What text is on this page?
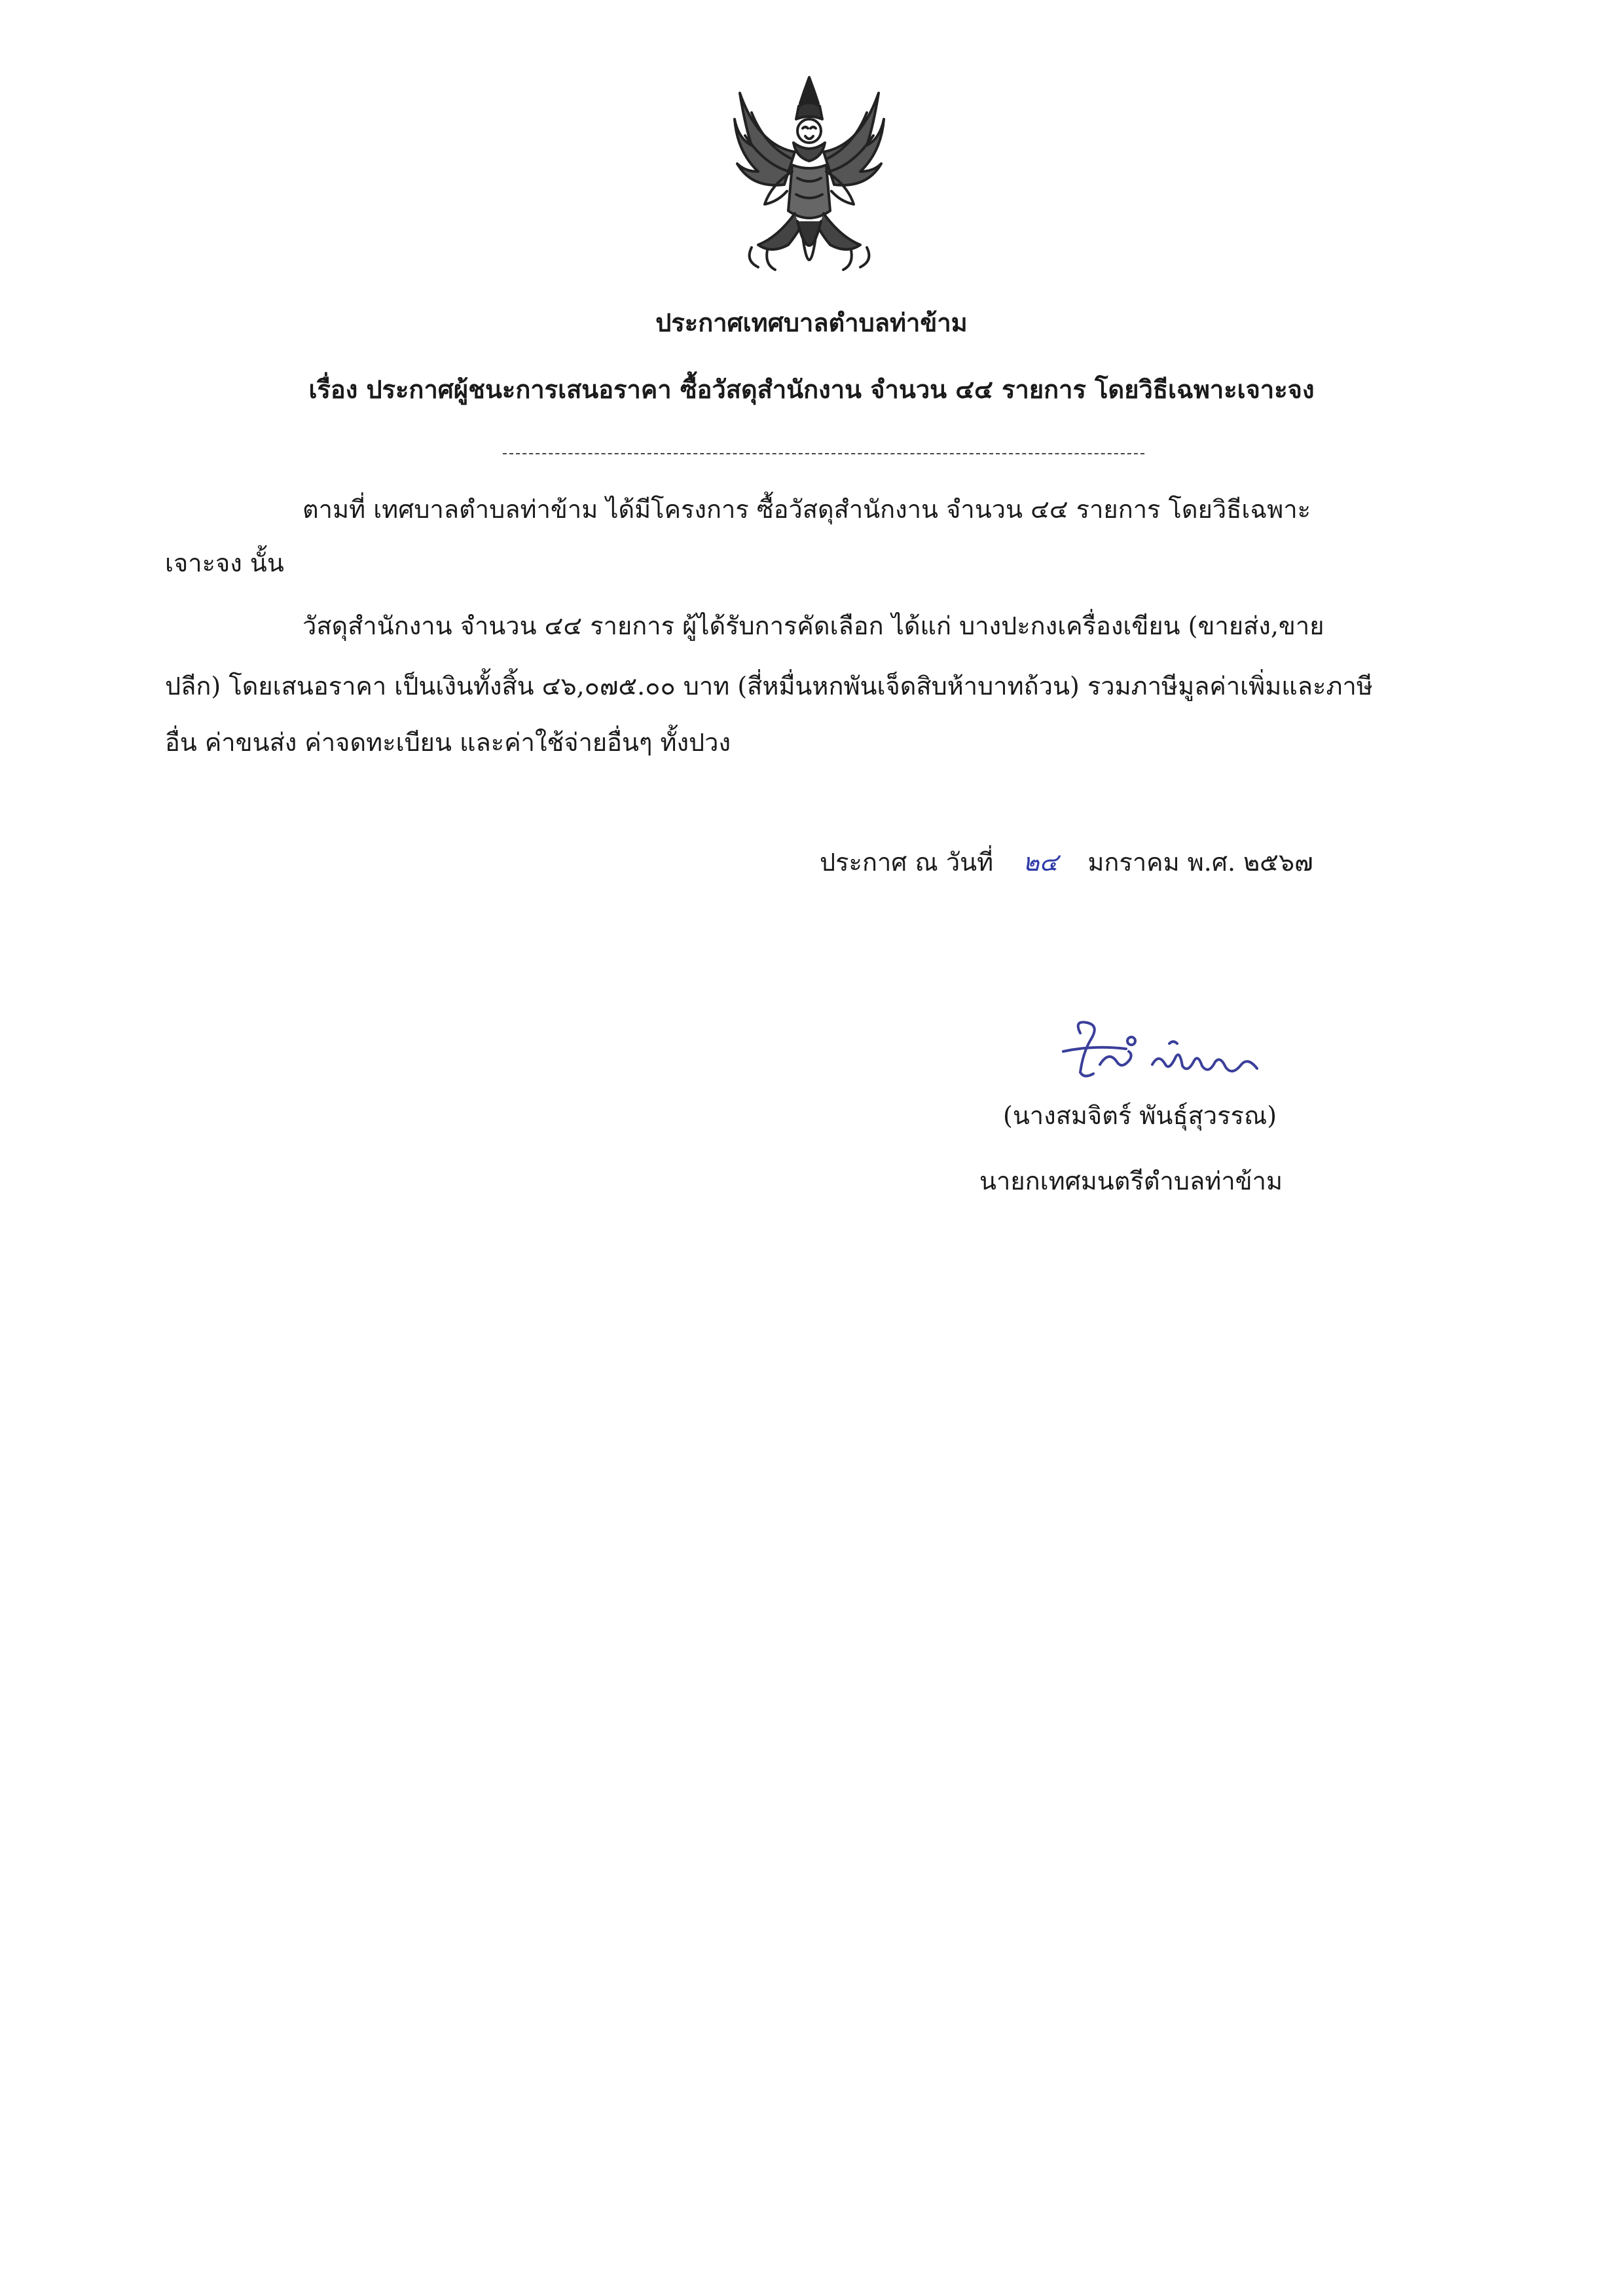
ประกาศเทศบาลตำบลท่าข้าม
เรื่อง ประกาศผู้ชนะการเสนอราคา ซื้อวัสดุสำนักงาน จำนวน ๔๔ รายการ โดยวิธีเฉพาะเจาะจง
ตามที่ เทศบาลตำบลท่าข้าม ได้มีโครงการ ซื้อวัสดุสำนักงาน จำนวน ๔๔ รายการ โดยวิธีเฉพาะ
เจาะจง นั้น
วัสดุสำนักงาน จำนวน ๔๔ รายการ ผู้ได้รับการคัดเลือก ได้แก่ บางปะกงเครื่องเขียน (ขายส่ง,ขาย
ปลีก) โดยเสนอราคา เป็นเงินทั้งสิ้น ๔๖,๐๗๕.๐๐ บาท (สี่หมื่นหกพันเจ็ดสิบห้าบาทถ้วน) รวมภาษีมูลค่าเพิ่มและภาษี
อื่น ค่าขนส่ง ค่าจดทะเบียน และค่าใช้จ่ายอื่นๆ ทั้งปวง
ประกาศ ณ วันที่ ๒๔ มกราคม พ.ศ. ๒๕๖๗
(นางสมจิตร์ พันธุ์สุวรรณ)
นายกเทศมนตรีตำบลท่าข้าม
